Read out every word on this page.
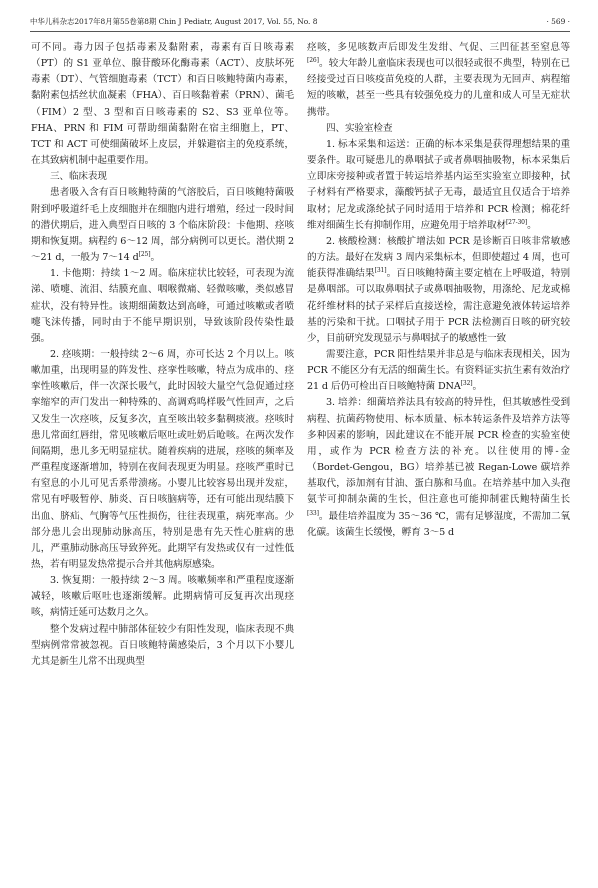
中华儿科杂志2017年8月第55卷第8期 Chin J Pediatr, August 2017, Vol. 55, No. 8	· 569 ·

可不同。毒力因子包括毒素及黏附素，毒素有百日咳毒素（PT）的 S1 亚单位、腺苷酸环化酶毒素（ACT）、皮肤坏死毒素（DT）、气管细胞毒素（TCT）和百日咳鲍特菌内毒素，黏附素包括丝状血凝素（FHA）、百日咳黏着素（PRN）、菌毛（FIM）2 型、3 型和百日咳毒素的 S2、S3 亚单位等。FHA、PRN 和 FIM 可帮助细菌黏附在宿主细胞上，PT、TCT 和 ACT 可使细菌破坏上皮层，并躲避宿主的免疫系统，在其致病机制中起重要作用。

三、临床表现

患者吸入含有百日咳鲍特菌的气溶胶后，百日咳鲍特菌吸附到呼吸道纤毛上皮细胞并在细胞内进行增殖，经过一段时间的潜伏期后，进入典型百日咳的 3 个临床阶段：卡他期、痉咳期和恢复期。病程约 6～12 周，部分病例可以更长。潜伏期 2～21 d，一般为 7～14 d[25]。

1. 卡他期：持续 1～2 周。临床症状比较轻，可表现为流涕、喷嚏、流泪、结膜充血、咽喉微痛、轻微咳嗽，类似感冒症状，没有特异性。该期细菌数达到高峰，可通过咳嗽或者喷嚏飞沫传播，同时由于不能早期识别，导致该阶段传染性最强。

2. 痉咳期：一般持续 2～6 周，亦可长达 2 个月以上。咳嗽加重，出现明显的阵发性、痉挛性咳嗽，特点为成串的、痉挛性咳嗽后，伴一次深长吸气，此时因较大量空气急促通过痉挛缩窄的声门发出一种特殊的、高调鸡鸣样吸气性回声，之后又发生一次痉咳，反复多次，直至咳出较多黏稠痰液。痉咳时患儿常面红唇绀，常见咳嗽后呕吐或吐奶后呛咳。在两次发作间隔期，患儿多无明显症状。随着疾病的进展，痉咳的频率及严重程度逐渐增加，特别在夜间表现更为明显。痉咳严重时已有窒息的小儿可见舌系带溃疡。小婴儿比较容易出现并发症，常见有呼吸暂停、肺炎、百日咳脑病等，还有可能出现结膜下出血、脐疝、气胸等气压性损伤，往往表现重，病死率高。少部分患儿会出现肺动脉高压，特别是患有先天性心脏病的患儿，严重肺动脉高压导致猝死。此期罕有发热或仅有一过性低热，若有明显发热常提示合并其他病原感染。

3. 恢复期：一般持续 2～3 周。咳嗽频率和严重程度逐渐减轻，咳嗽后呕吐也逐渐缓解。此期病情可反复再次出现痉咳，病情迁延可达数月之久。

整个发病过程中肺部体征较少有阳性发现，临床表现不典型病例常常被忽视。百日咳鲍特菌感染后，3 个月以下小婴儿尤其是新生儿常不出现典型

痉咳，多见咳数声后即发生发绀、气促、三凹征甚至窒息等[26]。较大年龄儿童临床表现也可以很轻或很不典型，特别在已经接受过百日咳疫苗免疫的人群，主要表现为无回声、病程缩短的咳嗽，甚至一些具有较强免疫力的儿童和成人可呈无症状携带。

四、实验室检查

1. 标本采集和运送：正确的标本采集是获得理想结果的重要条件。取可疑患儿的鼻咽拭子或者鼻咽抽吸物，标本采集后立即床旁接种或者置于转运培养基内运至实验室立即接种，拭子材料有严格要求，藻酸钙拭子无毒，最适宜且仅适合于培养取材；尼龙或涤纶拭子同时适用于培养和 PCR 检测；棉花纤维对细菌生长有抑制作用，应避免用于培养取材[27-30]。

2. 核酸检测：核酸扩增法如 PCR 是诊断百日咳非常敏感的方法。最好在发病 3 周内采集标本，但即使超过 4 周，也可能获得准确结果[31]。百日咳鲍特菌主要定植在上呼吸道，特别是鼻咽部。可以取鼻咽拭子或鼻咽抽吸物，用涤纶、尼龙或棉花纤维材料的拭子采样后直接送检，需注意避免液体转运培养基的污染和干扰。口咽拭子用于 PCR 法检测百日咳的研究较少，目前研究发现显示与鼻咽拭子的敏感性一致

需要注意，PCR 阳性结果并非总是与临床表现相关，因为 PCR 不能区分有无活的细菌生长。有资料证实抗生素有效治疗 21 d 后仍可检出百日咳鲍特菌 DNA[32]。

3. 培养：细菌培养法具有较高的特异性，但其敏感性受到病程、抗菌药物使用、标本质量、标本转运条件及培养方法等多种因素的影响，因此建议在不能开展 PCR 检查的实验室使用，或作为 PCR 检查方法的补充。以往使用的博-金（Bordet-Gengou，BG）培养基已被 Regan-Lowe 碳培养基取代，添加剂有甘油、蛋白胨和马血。在培养基中加入头孢氨苄可抑制杂菌的生长，但注意也可能抑制霍氏鲍特菌生长[33]。最佳培养温度为 35～36 ℃，需有足够湿度，不需加二氧化碳。该菌生长缓慢，孵育 3～5 d
